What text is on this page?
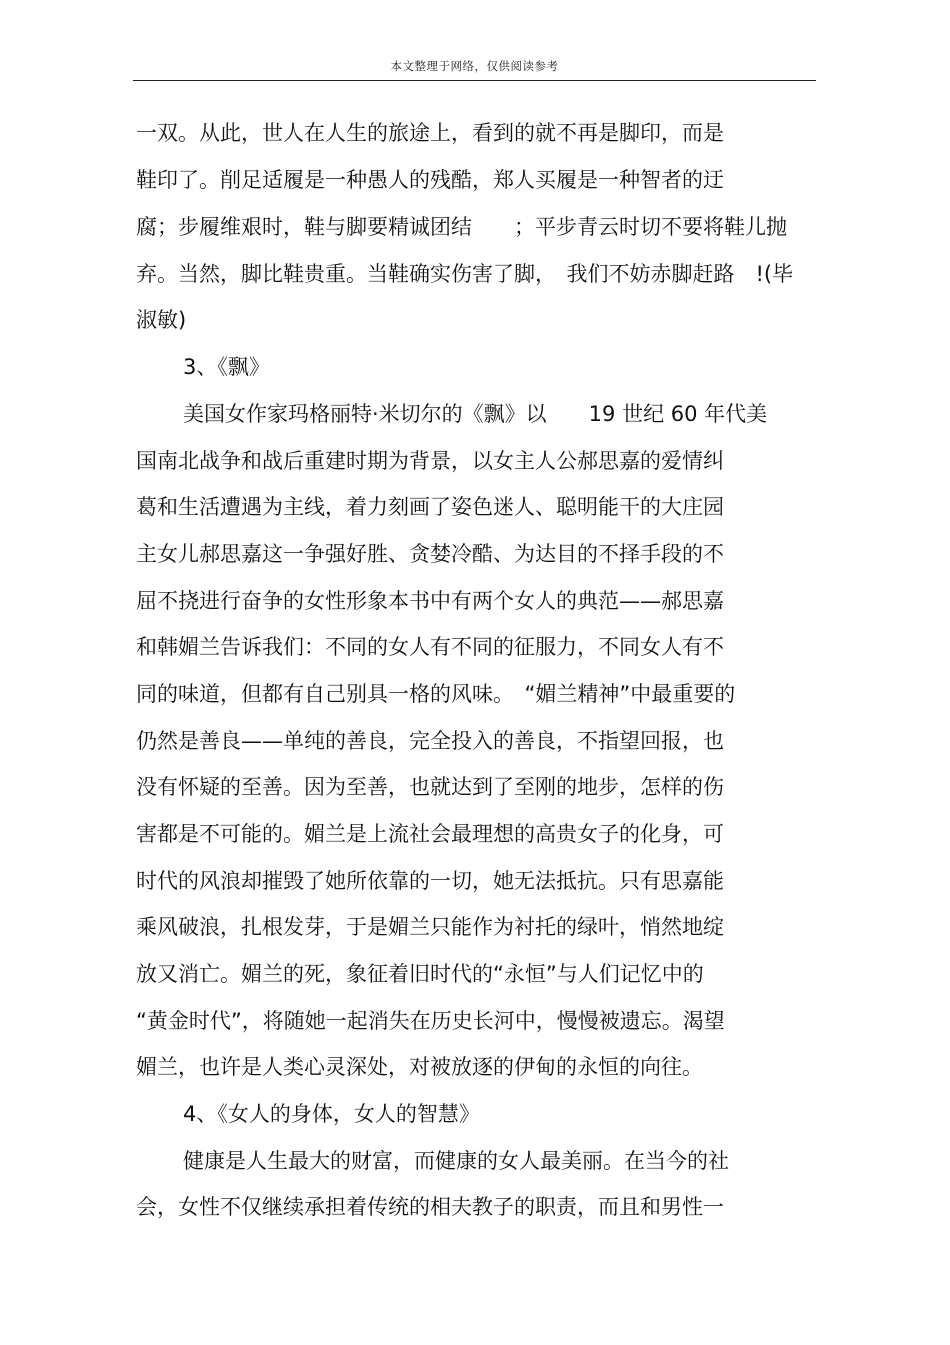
本文整理于网络，仅供阅读参考
一双。从此，世人在人生的旅途上，看到的就不再是脚印，而是
鞋印了。削足适履是一种愚人的残酷，郑人买履是一种智者的迂
腐；步履维艰时，鞋与脚要精诚团结　　；平步青云时切不要将鞋儿抛
弃。当然，脚比鞋贵重。当鞋确实伤害了脚，　我们不妨赤脚赶路　!(毕
淑敏)
3、《飘》
美国女作家玛格丽特·米切尔的《飘》以　　19 世纪 60 年代美
国南北战争和战后重建时期为背景，以女主人公郝思嘉的爱情纠
葛和生活遭遇为主线，着力刻画了姿色迷人、聪明能干的大庄园
主女儿郝思嘉这一争强好胜、贪婪冷酷、为达目的不择手段的不
屈不挠进行奋争的女性形象本书中有两个女人的典范——郝思嘉
和韩媚兰告诉我们：不同的女人有不同的征服力，不同女人有不
同的味道，但都有自己别具一格的风味。　“媚兰精神”中最重要的
仍然是善良——单纯的善良，完全投入的善良，不指望回报，也
没有怀疑的至善。因为至善，也就达到了至刚的地步，怎样的伤
害都是不可能的。媚兰是上流社会最理想的高贵女子的化身，可
时代的风浪却摧毁了她所依靠的一切，她无法抵抗。只有思嘉能
乘风破浪，扎根发芽，于是媚兰只能作为衬托的绿叶，悄然地绽
放又消亡。媚兰的死，象征着旧时代的“永恒”与人们记忆中的
“黄金时代”，将随她一起消失在历史长河中，慢慢被遗忘。渴望
媚兰，也许是人类心灵深处，对被放逐的伊甸的永恒的向往。
4、《女人的身体，女人的智慧》
健康是人生最大的财富，而健康的女人最美丽。在当今的社
会，女性不仅继续承担着传统的相夫教子的职责，而且和男性一
